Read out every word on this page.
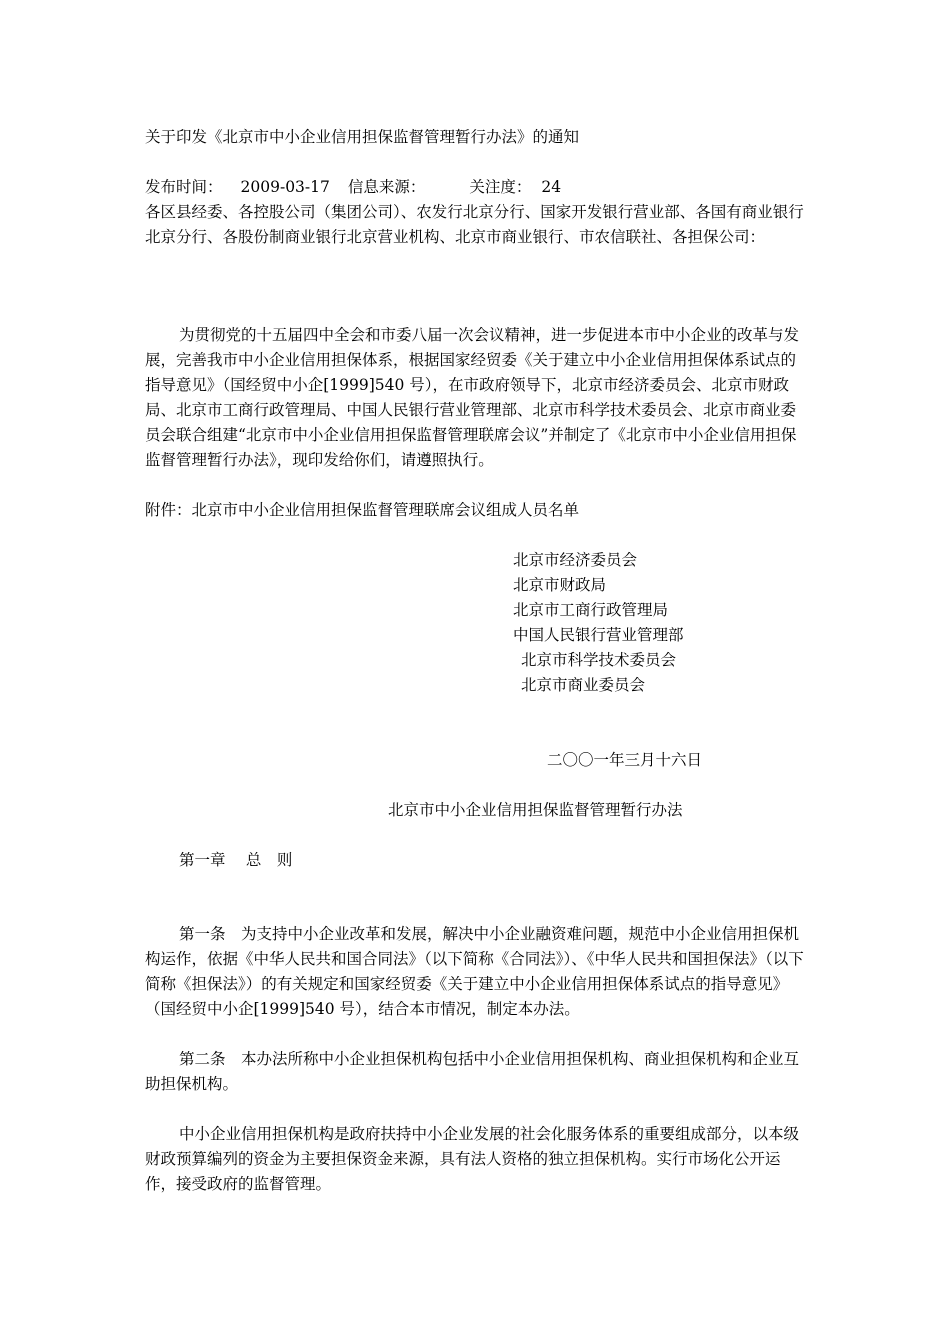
关于印发《北京市中小企业信用担保监督管理暂行办法》的通知
发布时间： 2009-03-17 信息来源：	关注度： 24
各区县经委、各控股公司（集团公司）、农发行北京分行、国家开发银行营业部、各国有商业银行北京分行、各股份制商业银行北京营业机构、北京市商业银行、市农信联社、各担保公司：
为贯彻党的十五届四中全会和市委八届一次会议精神，进一步促进本市中小企业的改革与发展，完善我市中小企业信用担保体系，根据国家经贸委《关于建立中小企业信用担保体系试点的指导意见》（国经贸中小企[1999]540 号），在市政府领导下，北京市经济委员会、北京市财政局、北京市工商行政管理局、中国人民银行营业管理部、北京市科学技术委员会、北京市商业委员会联合组建“北京市中小企业信用担保监督管理联席会议”并制定了《北京市中小企业信用担保监督管理暂行办法》，现印发给你们，请遵照执行。
附件：北京市中小企业信用担保监督管理联席会议组成人员名单
北京市经济委员会
北京市财政局
北京市工商行政管理局
中国人民银行营业管理部
北京市科学技术委员会
北京市商业委员会
二〇〇一年三月十六日
北京市中小企业信用担保监督管理暂行办法
第一章　 总　则
第一条　为支持中小企业改革和发展，解决中小企业融资难问题，规范中小企业信用担保机构运作，依据《中华人民共和国合同法》（以下简称《合同法》）、《中华人民共和国担保法》（以下简称《担保法》）的有关规定和国家经贸委《关于建立中小企业信用担保体系试点的指导意见》（国经贸中小企[1999]540 号），结合本市情况，制定本办法。
第二条　本办法所称中小企业担保机构包括中小企业信用担保机构、商业担保机构和企业互助担保机构。
中小企业信用担保机构是政府扶持中小企业发展的社会化服务体系的重要组成部分，以本级财政预算编列的资金为主要担保资金来源，具有法人资格的独立担保机构。实行市场化公开运作，接受政府的监督管理。
